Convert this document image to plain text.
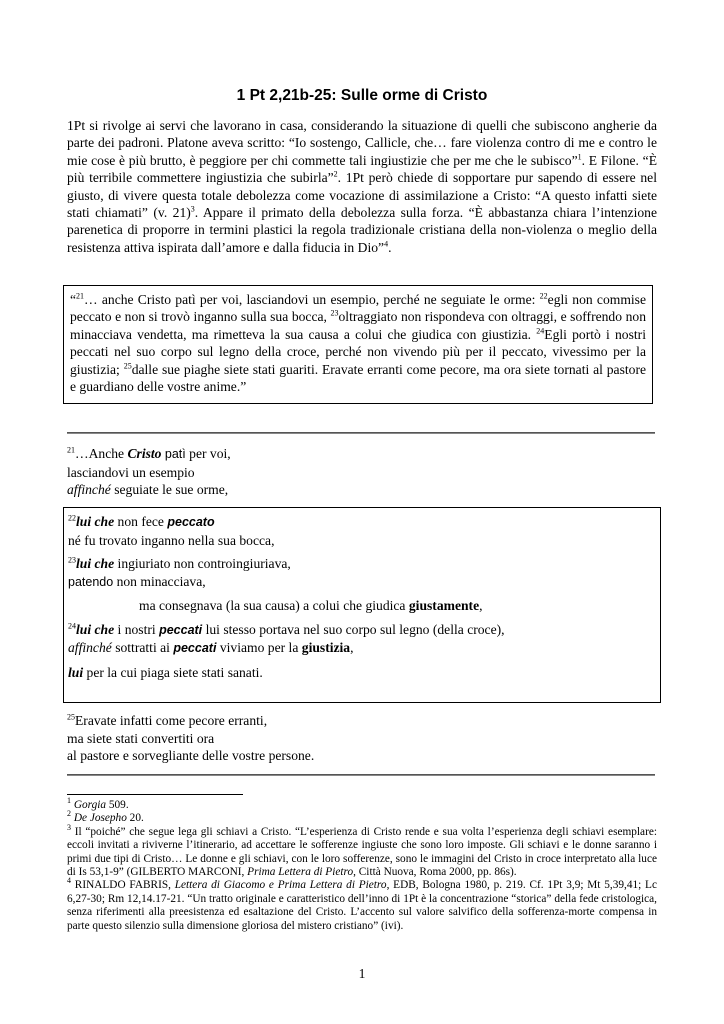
1 Pt 2,21b-25: Sulle orme di Cristo

1Pt si rivolge ai servi che lavorano in casa, considerando la situazione di quelli che subiscono angherie da parte dei padroni. Platone aveva scritto: “Io sostengo, Callicle, che… fare violenza contro di me e contro le mie cose è più brutto, è peggiore per chi commette tali ingiustizie che per me che le subisco”$^1$. E Filone. “È più terribile commettere ingiustizia che subirla”$^2$. 1Pt però chiede di sopportare pur sapendo di essere nel giusto, di vivere questa totale debolezza come vocazione di assimilazione a Cristo: “A questo infatti siete stati chiamati” (v. 21)$^3$. Appare il primato della debolezza sulla forza. “È abbastanza chiara l’intenzione parenetica di proporre in termini plastici la regola tradizionale cristiana della non-violenza o meglio della resistenza attiva ispirata dall’amore e dalla fiducia in Dio”$^4$.

“$^{21}$… anche Cristo patì per voi, lasciandovi un esempio, perché ne seguiate le orme: $^{22}$egli non commise peccato e non si trovò inganno sulla sua bocca, $^{23}$oltraggiato non rispondeva con oltraggi, e soffrendo non minacciava vendetta, ma rimetteva la sua causa a colui che giudica con giustizia. $^{24}$Egli portò i nostri peccati nel suo corpo sul legno della croce, perché non vivendo più per il peccato, vivessimo per la giustizia; $^{25}$dalle sue piaghe siete stati guariti. Eravate erranti come pecore, ma ora siete tornati al pastore e guardiano delle vostre anime.”

$^{21}$…Anche Cristo patì per voi,
lasciandovi un esempio
affinché seguiate le sue orme,
$^{22}$lui che non fece peccato
né fu trovato inganno nella sua bocca,
$^{23}$lui che ingiuriato non controingiuriava,
patendo non minacciava,
ma consegnava (la sua causa) a colui che giudica giustamente,
$^{24}$lui che i nostri peccati lui stesso portava nel suo corpo sul legno (della croce),
affinché sottratti ai peccati viviamo per la giustizia,
lui per la cui piaga siete stati sanati.
$^{25}$Eravate infatti come pecore erranti,
ma siete stati convertiti ora
al pastore e sorvegliante delle vostre persone.
$^1$ Gorgia 509.
$^2$ De Josepho 20.
$^3$ Il “poiché” che segue lega gli schiavi a Cristo. “L’esperienza di Cristo rende e sua volta l’esperienza degli schiavi esemplare: eccoli invitati a riviverne l’itinerario, ad accettare le sofferenze ingiuste che sono loro imposte. Gli schiavi e le donne saranno i primi due tipi di Cristo… Le donne e gli schiavi, con le loro sofferenze, sono le immagini del Cristo in croce interpretato alla luce di Is 53,1-9” (GILBERTO MARCONI, Prima Lettera di Pietro, Città Nuova, Roma 2000, pp. 86s).
$^4$ RINALDO FABRIS, Lettera di Giacomo e Prima Lettera di Pietro, EDB, Bologna 1980, p. 219. Cf. 1Pt 3,9; Mt 5,39,41; Lc 6,27-30; Rm 12,14.17-21. “Un tratto originale e caratteristico dell’inno di 1Pt è la concentrazione “storica” della fede cristologica, senza riferimenti alla preesistenza ed esaltazione del Cristo. L’accento sul valore salvifico della sofferenza-morte compensa in parte questo silenzio sulla dimensione gloriosa del mistero cristiano” (ivi).
1
